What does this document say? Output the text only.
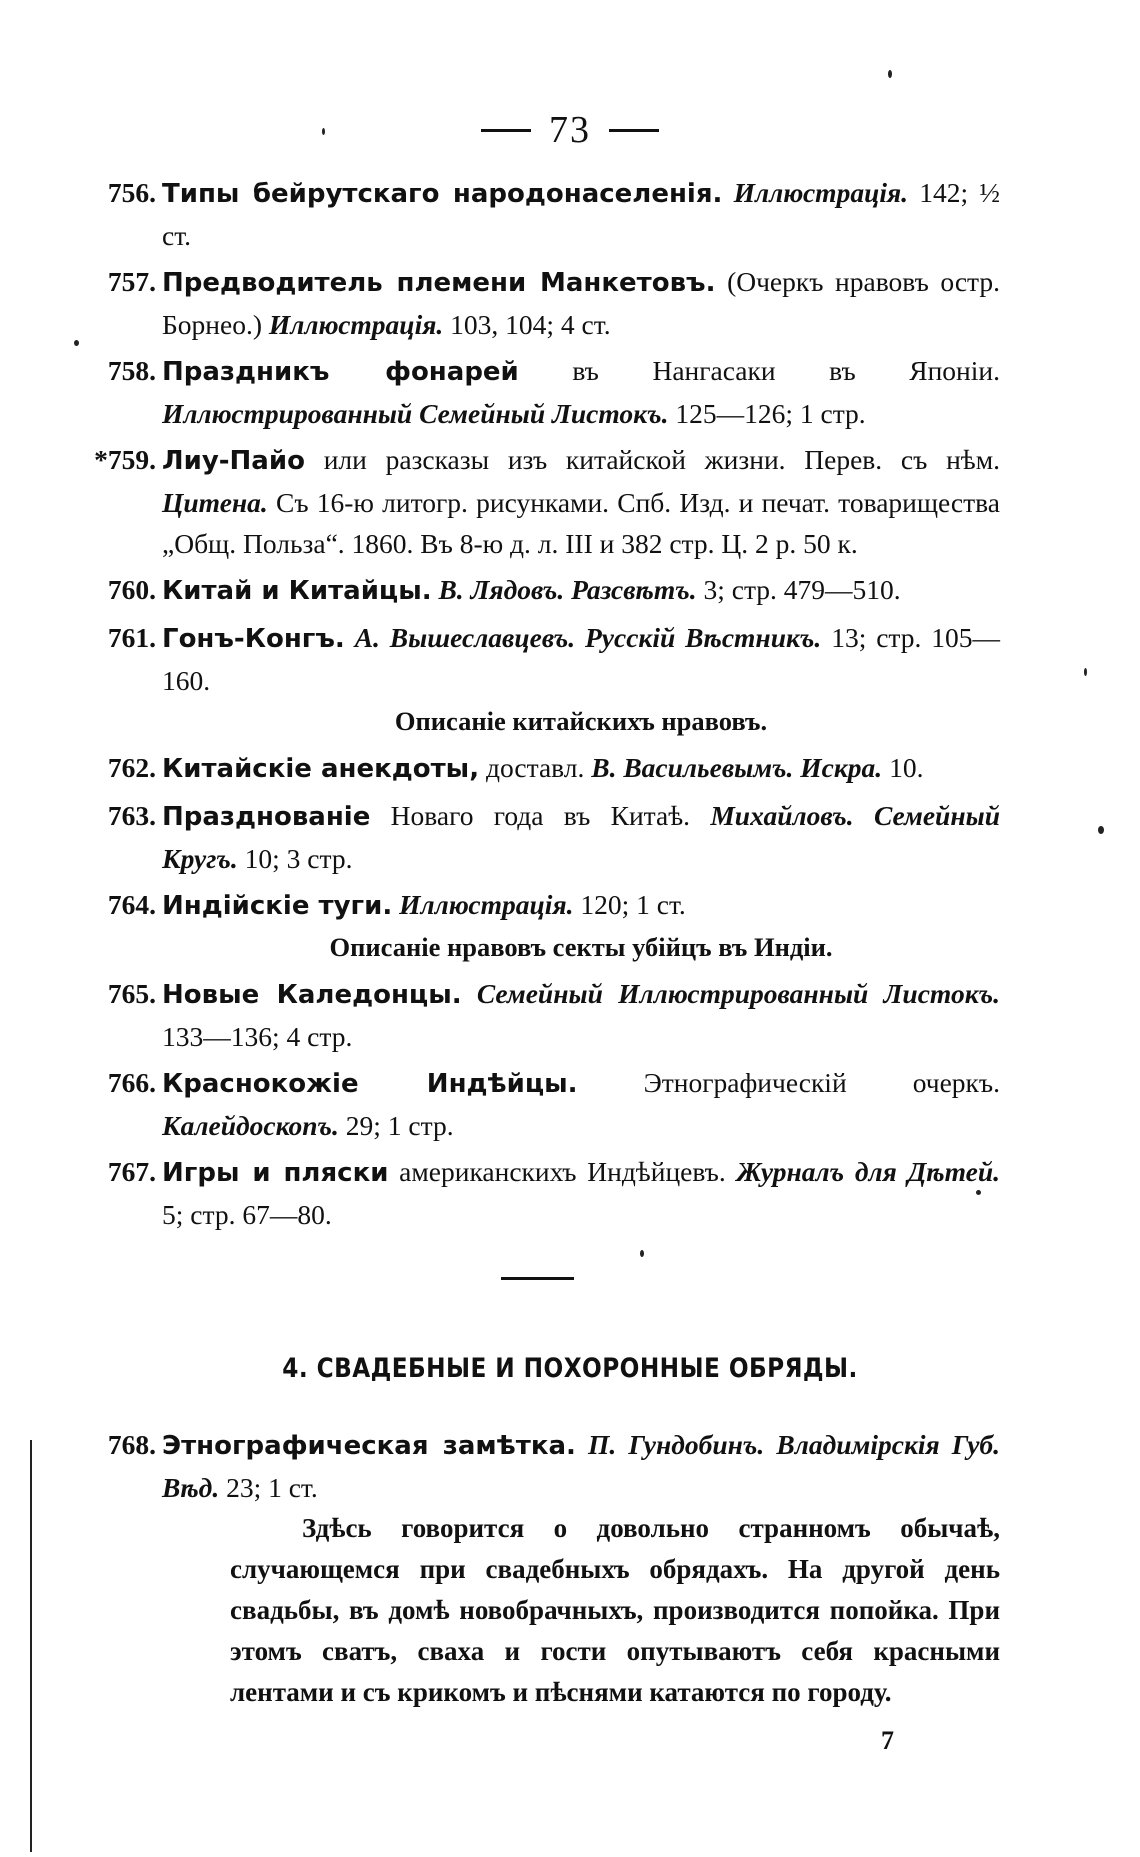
73
756. Типы бейрутскаго народонаселенія. Иллюстрація. 142; ½ ст.
757. Предводитель племени Манкетовъ. (Очеркъ нравовъ остр. Борнео.) Иллюстрація. 103, 104; 4 ст.
758. Праздникъ фонарей въ Нангасаки въ Японіи. Иллюстрированный Семейный Листокъ. 125—126; 1 стр.
*759. Лиу-Пайо или разсказы изъ китайской жизни. Перев. съ нѣм. Цитена. Съ 16-ю литогр. рисунками. Спб. Изд. и печат. товарищества „Общ. Польза“. 1860. Въ 8-ю д. л. III и 382 стр. Ц. 2 р. 50 к.
760. Китай и Китайцы. В. Лядовъ. Разсвѣтъ. 3; стр. 479—510.
761. Гонъ-Конгъ. А. Вышеславцевъ. Русскій Вѣстникъ. 13; стр. 105—160.
Описаніе китайскихъ нравовъ.
762. Китайскіе анекдоты, доставл. В. Васильевымъ. Искра. 10.
763. Празднованіе Новаго года въ Китаѣ. Михайловъ. Семейный Кругъ. 10; 3 стр.
764. Индійскіе туги. Иллюстрація. 120; 1 ст.
Описаніе нравовъ секты убійцъ въ Индіи.
765. Новые Каледонцы. Семейный Иллюстрированный Листокъ. 133—136; 4 стр.
766. Краснокожіе Индѣйцы. Этнографическій очеркъ. Калейдоскопъ. 29; 1 стр.
767. Игры и пляски американскихъ Индѣйцевъ. Журналъ для Дѣтей. 5; стр. 67—80.
4. СВАДЕБНЫЕ И ПОХОРОННЫЕ ОБРЯДЫ.
768. Этнографическая замѣтка. П. Гундобинъ. Владимірскія Губ. Вѣд. 23; 1 ст.
Здѣсь говорится о довольно странномъ обычаѣ, случающемся при свадебныхъ обрядахъ. На другой день свадьбы, въ домѣ новобрачныхъ, производится попойка. При этомъ сватъ, сваха и гости опутываютъ себя красными лентами и съ крикомъ и пѣснями катаются по городу.
7
